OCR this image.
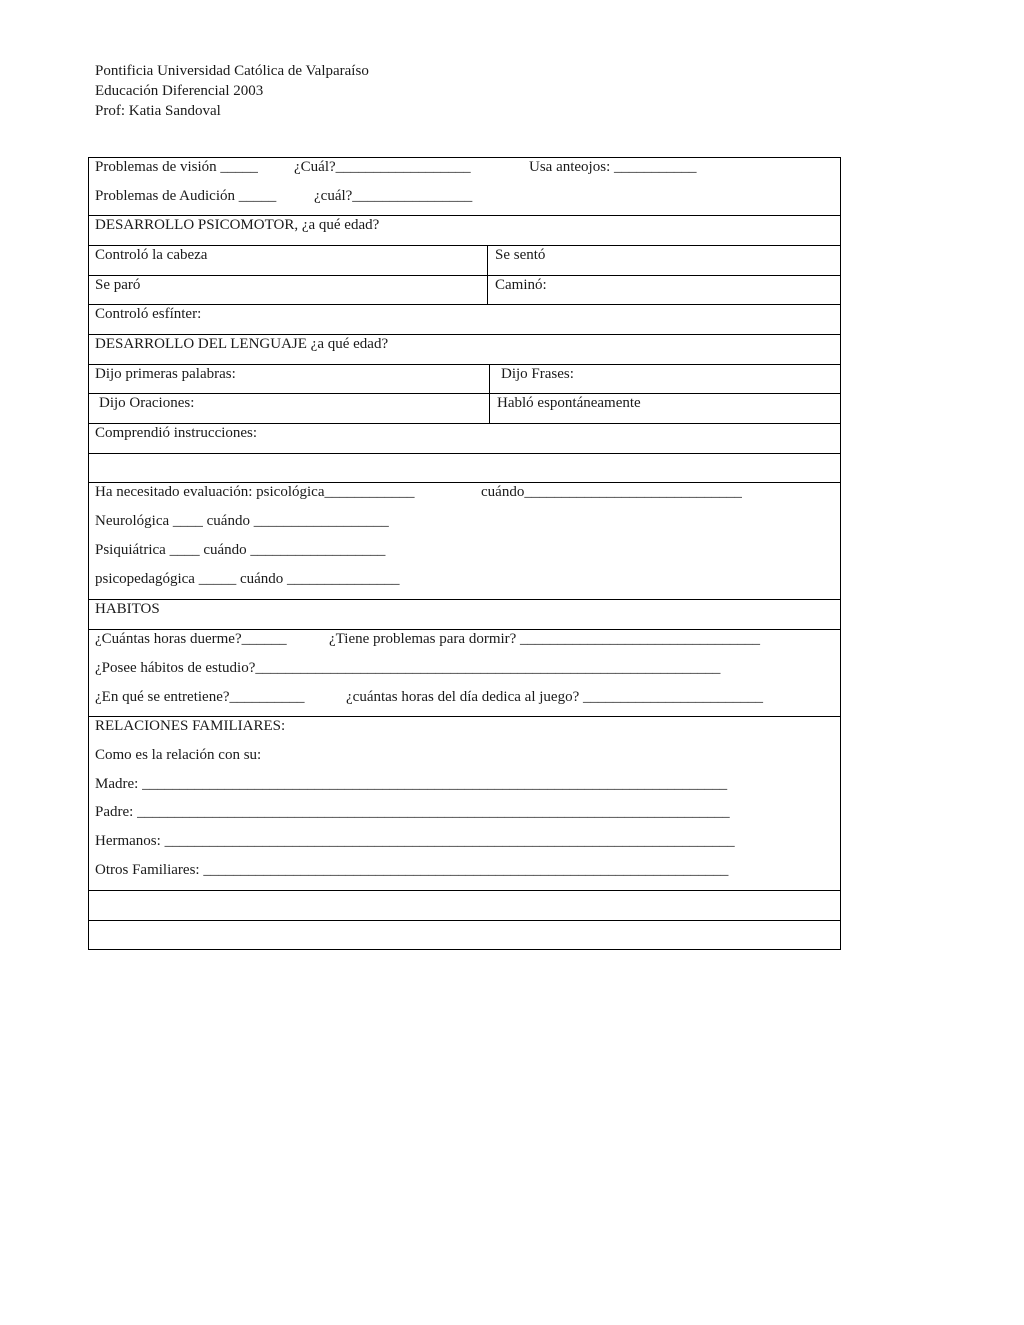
Pontificia Universidad Católica de Valparaíso
Educación Diferencial 2003
Prof: Katia Sandoval
Problemas de visión _____ ¿Cuál?__________________	Usa anteojos: ___________
Problemas de Audición _____	¿cuál?________________
DESARROLLO PSICOMOTOR, ¿a qué edad?
Controló la cabeza	Se sentó
Se paró	Caminó:
Controló esfínter:
DESARROLLO DEL LENGUAJE ¿a qué edad?
Dijo primeras palabras:	Dijo Frases:
Dijo Oraciones:	Habló espontáneamente
Comprendió instrucciones:
Ha necesitado evaluación: psicológica____________	cuándo_____________________________
Neurológica ____ cuándo __________________
Psiquiátrica ____ cuándo __________________
psicopedagógica _____ cuándo _______________
HABITOS
¿Cuántas horas duerme?______	¿Tiene problemas para dormir? ________________________________
¿Posee hábitos de estudio?______________________________________________________________
¿En qué se entretiene?__________	¿cuántas horas del día dedica al juego? ________________________
RELACIONES FAMILIARES:
Como es la relación con su:
Madre: ______________________________________________________________________________
Padre: _______________________________________________________________________________
Hermanos: ____________________________________________________________________________
Otros Familiares: ______________________________________________________________________
